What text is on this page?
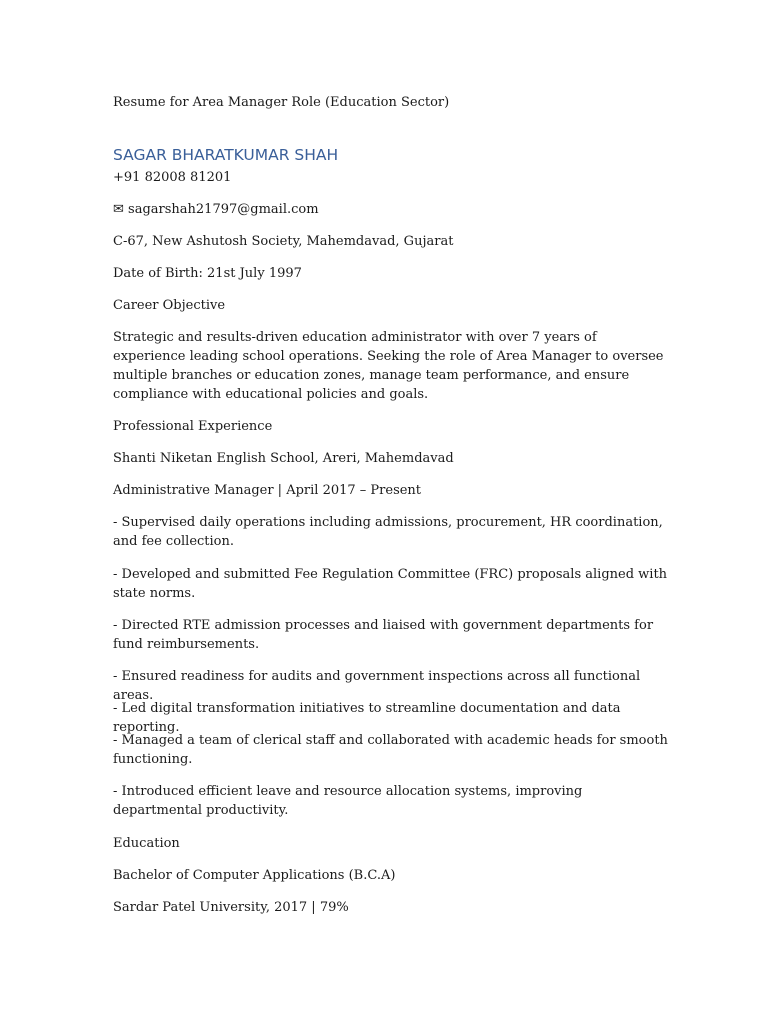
Resume for Area Manager Role (Education Sector)
SAGAR BHARATKUMAR SHAH
+91 82008 81201
✉ sagarshah21797@gmail.com
C-67, New Ashutosh Society, Mahemdavad, Gujarat
Date of Birth: 21st July 1997
Career Objective
Strategic and results-driven education administrator with over 7 years of experience leading school operations. Seeking the role of Area Manager to oversee multiple branches or education zones, manage team performance, and ensure compliance with educational policies and goals.
Professional Experience
Shanti Niketan English School, Areri, Mahemdavad
Administrative Manager | April 2017 – Present
- Supervised daily operations including admissions, procurement, HR coordination, and fee collection.
- Developed and submitted Fee Regulation Committee (FRC) proposals aligned with state norms.
- Directed RTE admission processes and liaised with government departments for fund reimbursements.
- Ensured readiness for audits and government inspections across all functional areas.
- Led digital transformation initiatives to streamline documentation and data reporting.
- Managed a team of clerical staff and collaborated with academic heads for smooth functioning.
- Introduced efficient leave and resource allocation systems, improving departmental productivity.
Education
Bachelor of Computer Applications (B.C.A)
Sardar Patel University, 2017 | 79%
